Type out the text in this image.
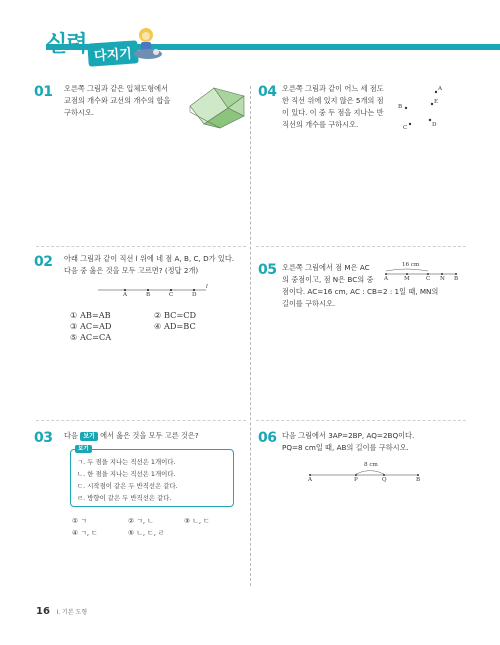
실력 다지기
01 오른쪽 그림과 같은 입체도형에서
교점의 개수와 교선의 개수의 합을
구하시오.
04 오른쪽 그림과 같이 어느 세 점도
한 직선 위에 있지 않은 5개의 점
이 있다. 이 중 두 점을 지나는 반
직선의 개수를 구하시오.
A
B
C	D
E
02 아래 그림과 같이 직선 l 위에 네 점 A, B, C, D가 있다.
다음 중 옳은 것을 모두 고르면? (정답 2개)
A	B	C	D
l
① AB=AB	② BC=CD
③ AC=AD	④ AD=BC
⑤ AC=CA
05 오른쪽 그림에서 점 M은 AC
의 중점이고, 점 N은 BC의 중
점이다. AC=16 cm, AC : CB=2 : 1일 때, MN의
길이를 구하시오.
16 cm
A	M	C N B
03 다음 보기 에서 옳은 것을 모두 고른 것은?
보기
ㄱ. 두 점을 지나는 직선은 1개이다.
ㄴ. 한 점을 지나는 직선은 1개이다.
ㄷ. 시작점이 같은 두 반직선은 같다.
ㄹ. 방향이 같은 두 반직선은 같다.
① ㄱ	② ㄱ, ㄴ	③ ㄴ, ㄷ
④ ㄱ, ㄷ	⑤ ㄴ, ㄷ, ㄹ
06 다음 그림에서 3AP=2BP, AQ=2BQ이다.
PQ=8 cm일 때, AB의 길이를 구하시오.
8 cm
A	P	Q	B
16 Ⅰ. 기본 도형
